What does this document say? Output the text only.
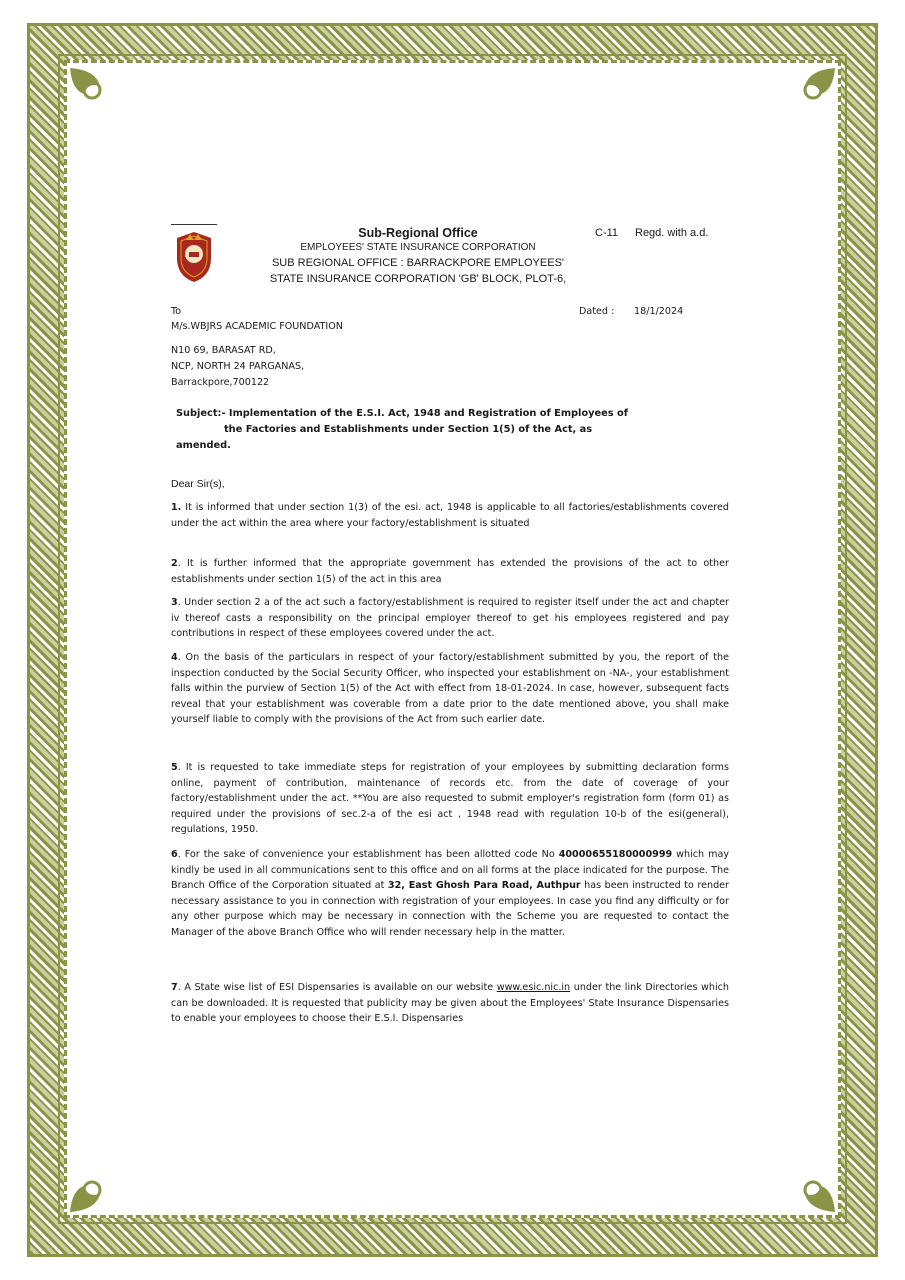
Sub-Regional Office
EMPLOYEES' STATE INSURANCE CORPORATION
SUB REGIONAL OFFICE : BARRACKPORE EMPLOYEES'
STATE INSURANCE CORPORATION 'GB' BLOCK, PLOT-6,
C-11 Regd. with a.d.
To
M/s.WBJRS ACADEMIC FOUNDATION
Dated : 18/1/2024
N10 69, BARASAT RD,
NCP, NORTH 24 PARGANAS,
Barrackpore,700122
Subject:- Implementation of the E.S.I. Act, 1948 and Registration of Employees of
the Factories and Establishments under Section 1(5) of the Act, as
amended.
Dear Sir(s),
1. It is informed that under section 1(3) of the esi. act, 1948 is applicable to all factories/establishments covered under the act within the area where your factory/establishment is situated
2. It is further informed that the appropriate government has extended the provisions of the act to other establishments under section 1(5) of the act in this area
3. Under section 2 a of the act such a factory/establishment is required to register itself under the act and chapter iv thereof casts a responsibility on the principal employer thereof to get his employees registered and pay contributions in respect of these employees covered under the act.
4. On the basis of the particulars in respect of your factory/establishment submitted by you, the report of the inspection conducted by the Social Security Officer, who inspected your establishment on -NA-, your establishment falls within the purview of Section 1(5) of the Act with effect from 18-01-2024. In case, however, subsequent facts reveal that your establishment was coverable from a date prior to the date mentioned above, you shall make yourself liable to comply with the provisions of the Act from such earlier date.
5. It is requested to take immediate steps for registration of your employees by submitting declaration forms online, payment of contribution, maintenance of records etc. from the date of coverage of your factory/establishment under the act. **You are also requested to submit employer's registration form (form 01) as required under the provisions of sec.2-a of the esi act , 1948 read with regulation 10-b of the esi(general), regulations, 1950.
6. For the sake of convenience your establishment has been allotted code No 40000655180000999 which may kindly be used in all communications sent to this office and on all forms at the place indicated for the purpose. The Branch Office of the Corporation situated at 32, East Ghosh Para Road, Authpur has been instructed to render necessary assistance to you in connection with registration of your employees. In case you find any difficulty or for any other purpose which may be necessary in connection with the Scheme you are requested to contact the Manager of the above Branch Office who will render necessary help in the matter.
7. A State wise list of ESI Dispensaries is available on our website www.esic.nic.in under the link Directories which can be downloaded. It is requested that publicity may be given about the Employees' State Insurance Dispensaries to enable your employees to choose their E.S.I. Dispensaries
